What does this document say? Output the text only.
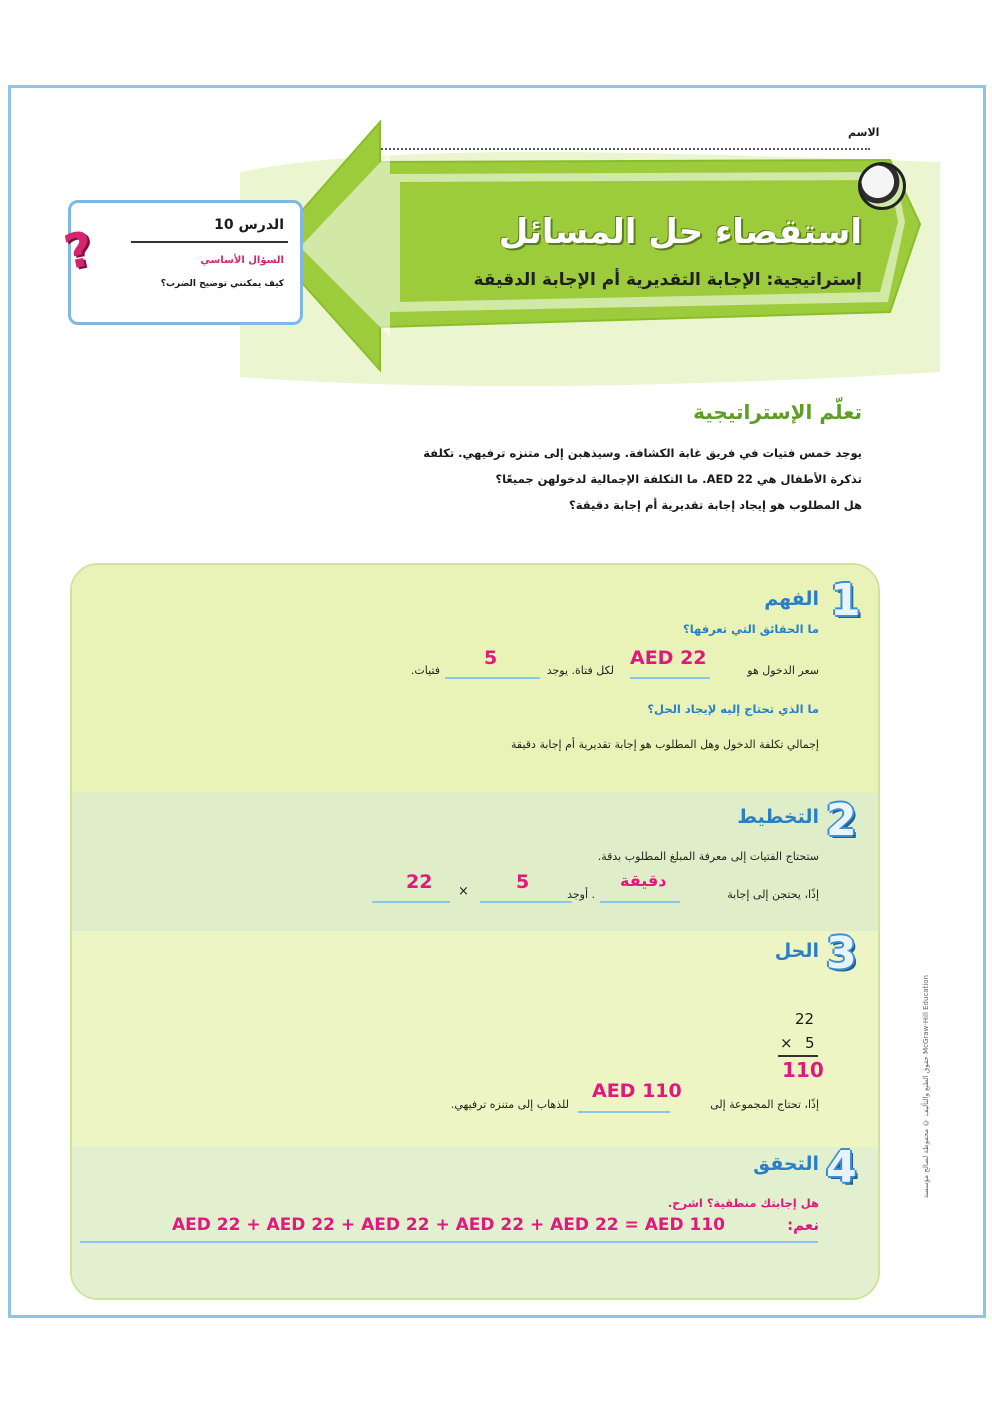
الاسم
استقصاء حل المسائل
إستراتيجية: الإجابة التقديرية أم الإجابة الدقيقة
?	الدرس 10
السؤال الأساسي
كيف يمكنني توضيح الضرب؟
تعلّم الإستراتيجية
يوجد خمس فتيات في فريق غابة الكشافة. وسيذهبن إلى متنزه ترفيهي. تكلفة
تذكرة الأطفال هي AED 22. ما التكلفة الإجمالية لدخولهن جميعًا؟
هل المطلوب هو إيجاد إجابة تقديرية أم إجابة دقيقة؟
1
الفهم
ما الحقائق التي تعرفها؟
سعر الدخول هو
AED 22
لكل فتاة. يوجد
5
فتيات.
ما الذي تحتاج إليه لإيجاد الحل؟
إجمالي تكلفة الدخول وهل المطلوب هو إجابة تقديرية أم إجابة دقيقة
2
التخطيط
ستحتاج الفتيات إلى معرفة المبلغ المطلوب بدقة.
إذًا، يحتجن إلى إجابة
دقيقة
. أوجد
5
×
22
3
الحل
22
× 5
110
إذًا، تحتاج المجموعة إلى
AED 110
للذهاب إلى متنزه ترفيهي.
4
التحقق
هل إجابتك منطقية؟ اشرح.
نعم:
AED 22 + AED 22 + AED 22 + AED 22 + AED 22 = AED 110
حقوق الطبع والتأليف © محفوظة لصالح مؤسسة McGraw-Hill Education
